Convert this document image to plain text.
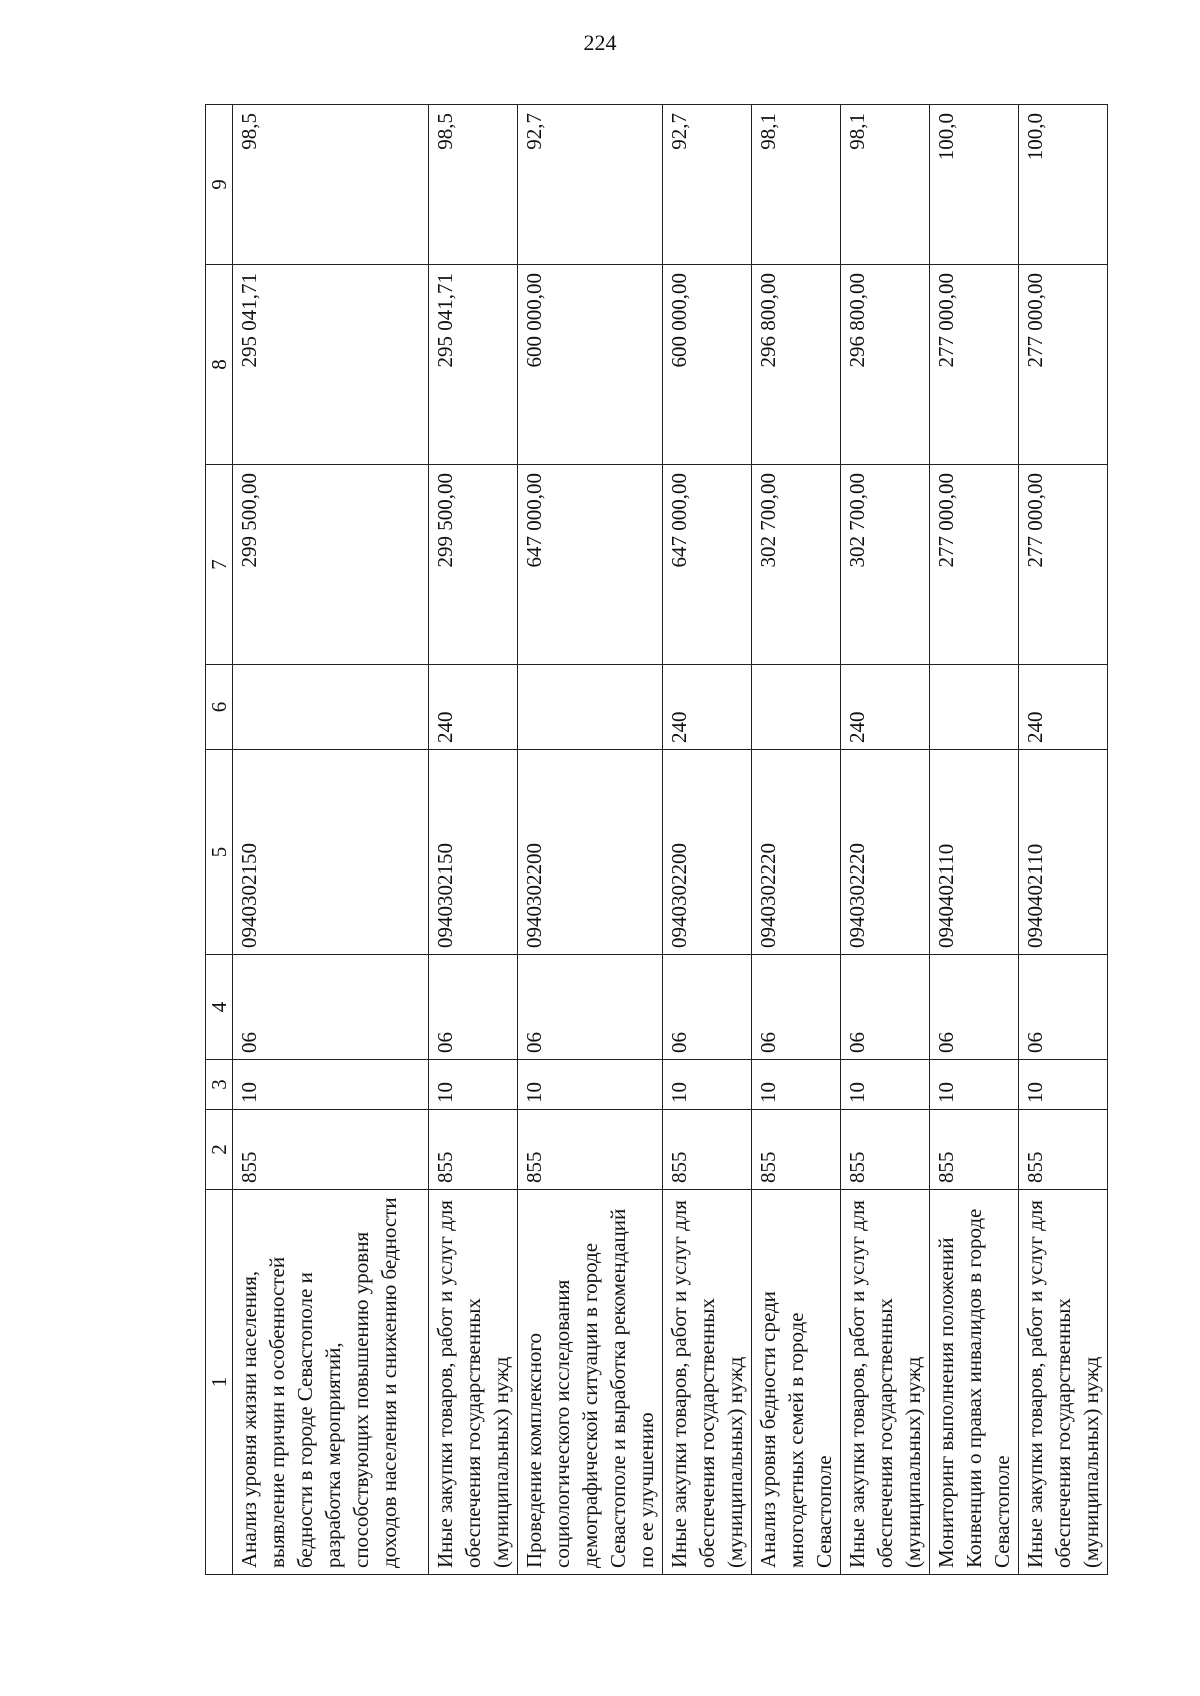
224
1	2	3	4	5	6	7	8	9
Анализ уровня жизни населения, выявление причин и особенностей бедности в городе Севастополе и разработка мероприятий, способствующих повышению уровня доходов населения и снижению бедности	855	10	06	0940302150		299 500,00	295 041,71	98,5
Иные закупки товаров, работ и услуг для обеспечения государственных (муниципальных) нужд	855	10	06	0940302150	240	299 500,00	295 041,71	98,5
Проведение комплексного социологического исследования демографической ситуации в городе Севастополе и выработка рекомендаций по ее улучшению	855	10	06	0940302200		647 000,00	600 000,00	92,7
Иные закупки товаров, работ и услуг для обеспечения государственных (муниципальных) нужд	855	10	06	0940302200	240	647 000,00	600 000,00	92,7
Анализ уровня бедности среди многодетных семей в городе Севастополе	855	10	06	0940302220		302 700,00	296 800,00	98,1
Иные закупки товаров, работ и услуг для обеспечения государственных (муниципальных) нужд	855	10	06	0940302220	240	302 700,00	296 800,00	98,1
Мониторинг выполнения положений Конвенции о правах инвалидов в городе Севастополе	855	10	06	0940402110		277 000,00	277 000,00	100,0
Иные закупки товаров, работ и услуг для обеспечения государственных (муниципальных) нужд	855	10	06	0940402110	240	277 000,00	277 000,00	100,0
